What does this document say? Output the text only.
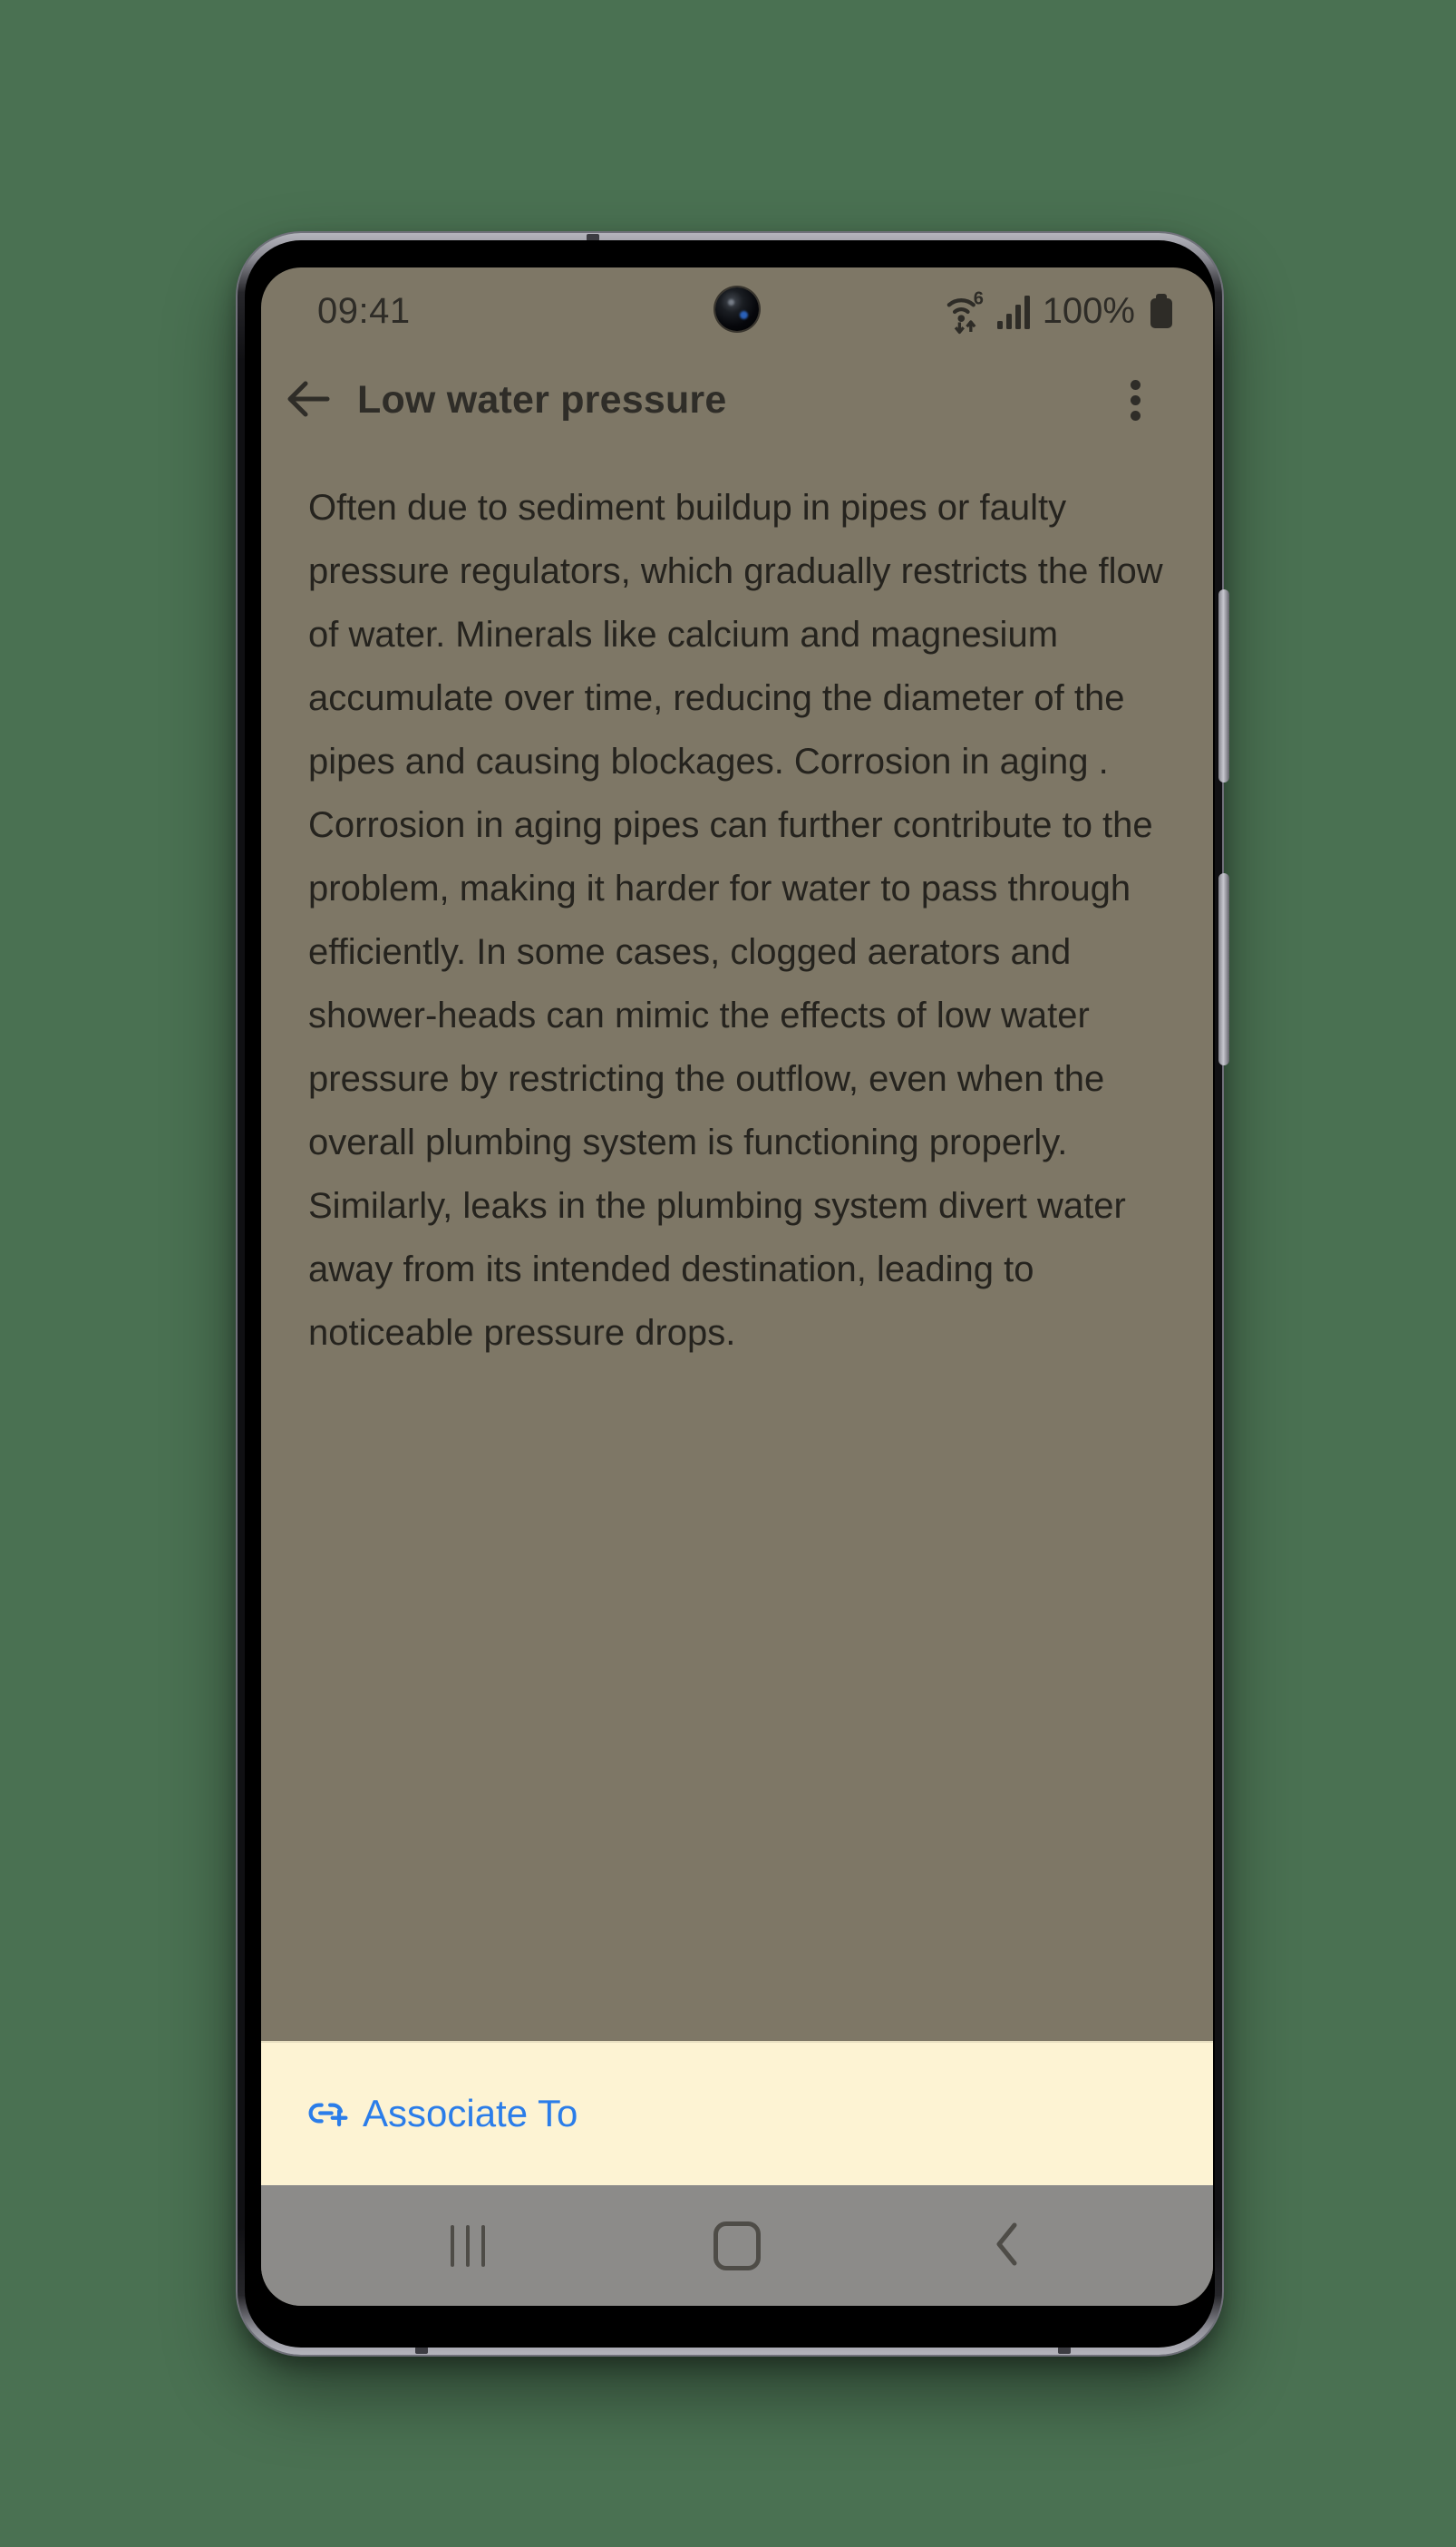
09:41	6 100%
Low water pressure
Often due to sediment buildup in pipes or faulty pressure regulators, which gradually restricts the flow of water. Minerals like calcium and magnesium accumulate over time, reducing the diameter of the pipes and causing blockages. Corrosion in aging . Corrosion in aging pipes can further contribute to the problem, making it harder for water to pass through efficiently. In some cases, clogged aerators and shower-heads can mimic the effects of low water pressure by restricting the outflow, even when the overall plumbing system is functioning properly. Similarly, leaks in the plumbing system divert water away from its intended destination, leading to noticeable pressure drops.
Associate To
